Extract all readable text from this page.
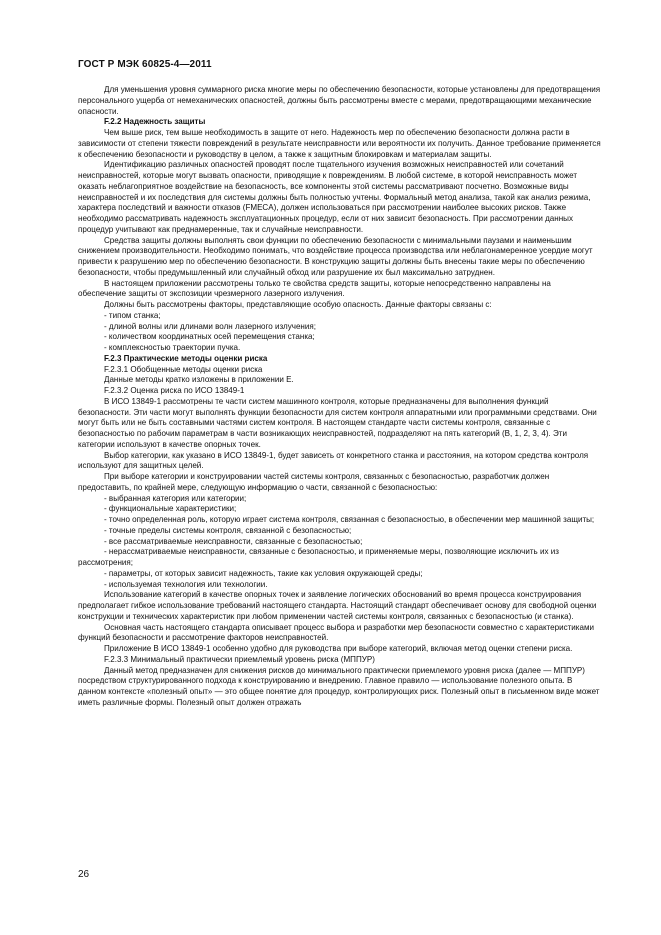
ГОСТ Р МЭК 60825-4—2011

Для уменьшения уровня суммарного риска многие меры по обеспечению безопасности, которые установлены для предотвращения персонального ущерба от немеханических опасностей, должны быть рассмотрены вместе с мерами, предотвращающими механические опасности.

F.2.2 Надежность защиты

Чем выше риск, тем выше необходимость в защите от него. Надежность мер по обеспечению безопасности должна расти в зависимости от степени тяжести повреждений в результате неисправности или вероятности их получить. Данное требование применяется к обеспечению безопасности и руководству в целом, а также к защитным блокировкам и материалам защиты.

Идентификацию различных опасностей проводят после тщательного изучения возможных неисправностей или сочетаний неисправностей, которые могут вызвать опасности, приводящие к повреждениям. В любой системе, в которой неисправность может оказать неблагоприятное воздействие на безопасность, все компоненты этой системы рассматривают посчетно. Возможные виды неисправностей и их последствия для системы должны быть полностью учтены. Формальный метод анализа, такой как анализ режима, характера последствий и важности отказов (FMECA), должен использоваться при рассмотрении наиболее высоких рисков. Также необходимо рассматривать надежность эксплуатационных процедур, если от них зависит безопасность. При рассмотрении данных процедур учитывают как преднамеренные, так и случайные неисправности.

Средства защиты должны выполнять свои функции по обеспечению безопасности с минимальными паузами и наименьшим снижением производительности. Необходимо понимать, что воздействие процесса производства или неблагонамеренное усердие могут привести к разрушению мер по обеспечению безопасности. В конструкцию защиты должны быть внесены такие меры по обеспечению безопасности, чтобы предумышленный или случайный обход или разрушение их был максимально затруднен.

В настоящем приложении рассмотрены только те свойства средств защиты, которые непосредственно направлены на обеспечение защиты от экспозиции чрезмерного лазерного излучения.

Должны быть рассмотрены факторы, представляющие особую опасность. Данные факторы связаны с:

- типом станка;

- длиной волны или длинами волн лазерного излучения;

- количеством координатных осей перемещения станка;

- комплексностью траектории пучка.

F.2.3 Практические методы оценки риска

F.2.3.1 Обобщенные методы оценки риска

Данные методы кратко изложены в приложении Е.

F.2.3.2 Оценка риска по ИСО 13849-1

В ИСО 13849-1 рассмотрены те части систем машинного контроля, которые предназначены для выполнения функций безопасности. Эти части могут выполнять функции безопасности для систем контроля аппаратными или программными средствами. Они могут быть или не быть составными частями систем контроля. В настоящем стандарте части системы контроля, связанные с безопасностью по рабочим параметрам в части возникающих неисправностей, подразделяют на пять категорий (В, 1, 2, 3, 4). Эти категории используют в качестве опорных точек.

Выбор категории, как указано в ИСО 13849-1, будет зависеть от конкретного станка и расстояния, на котором средства контроля используют для защитных целей.

При выборе категории и конструировании частей системы контроля, связанных с безопасностью, разработчик должен предоставить, по крайней мере, следующую информацию о части, связанной с безопасностью:

- выбранная категория или категории;

- функциональные характеристики;

- точно определенная роль, которую играет система контроля, связанная с безопасностью, в обеспечении мер машинной защиты;

- точные пределы системы контроля, связанной с безопасностью;

- все рассматриваемые неисправности, связанные с безопасностью;

- нерассматриваемые неисправности, связанные с безопасностью, и применяемые меры, позволяющие исключить их из рассмотрения;

- параметры, от которых зависит надежность, такие как условия окружающей среды;

- используемая технология или технологии.

Использование категорий в качестве опорных точек и заявление логических обоснований во время процесса конструирования предполагает гибкое использование требований настоящего стандарта. Настоящий стандарт обеспечивает основу для свободной оценки конструкции и технических характеристик при любом применении частей системы контроля, связанных с безопасностью (и станка).

Основная часть настоящего стандарта описывает процесс выбора и разработки мер безопасности совместно с характеристиками функций безопасности и рассмотрение факторов неисправностей.

Приложение В ИСО 13849-1 особенно удобно для руководства при выборе категорий, включая метод оценки степени риска.

F.2.3.3 Минимальный практически приемлемый уровень риска (МППУР)

Данный метод предназначен для снижения рисков до минимального практически приемлемого уровня риска (далее — МППУР) посредством структурированного подхода к конструированию и внедрению. Главное правило — использование полезного опыта. В данном контексте «полезный опыт» — это общее понятие для процедур, контролирующих риск. Полезный опыт в письменном виде может иметь различные формы. Полезный опыт должен отражать

26
